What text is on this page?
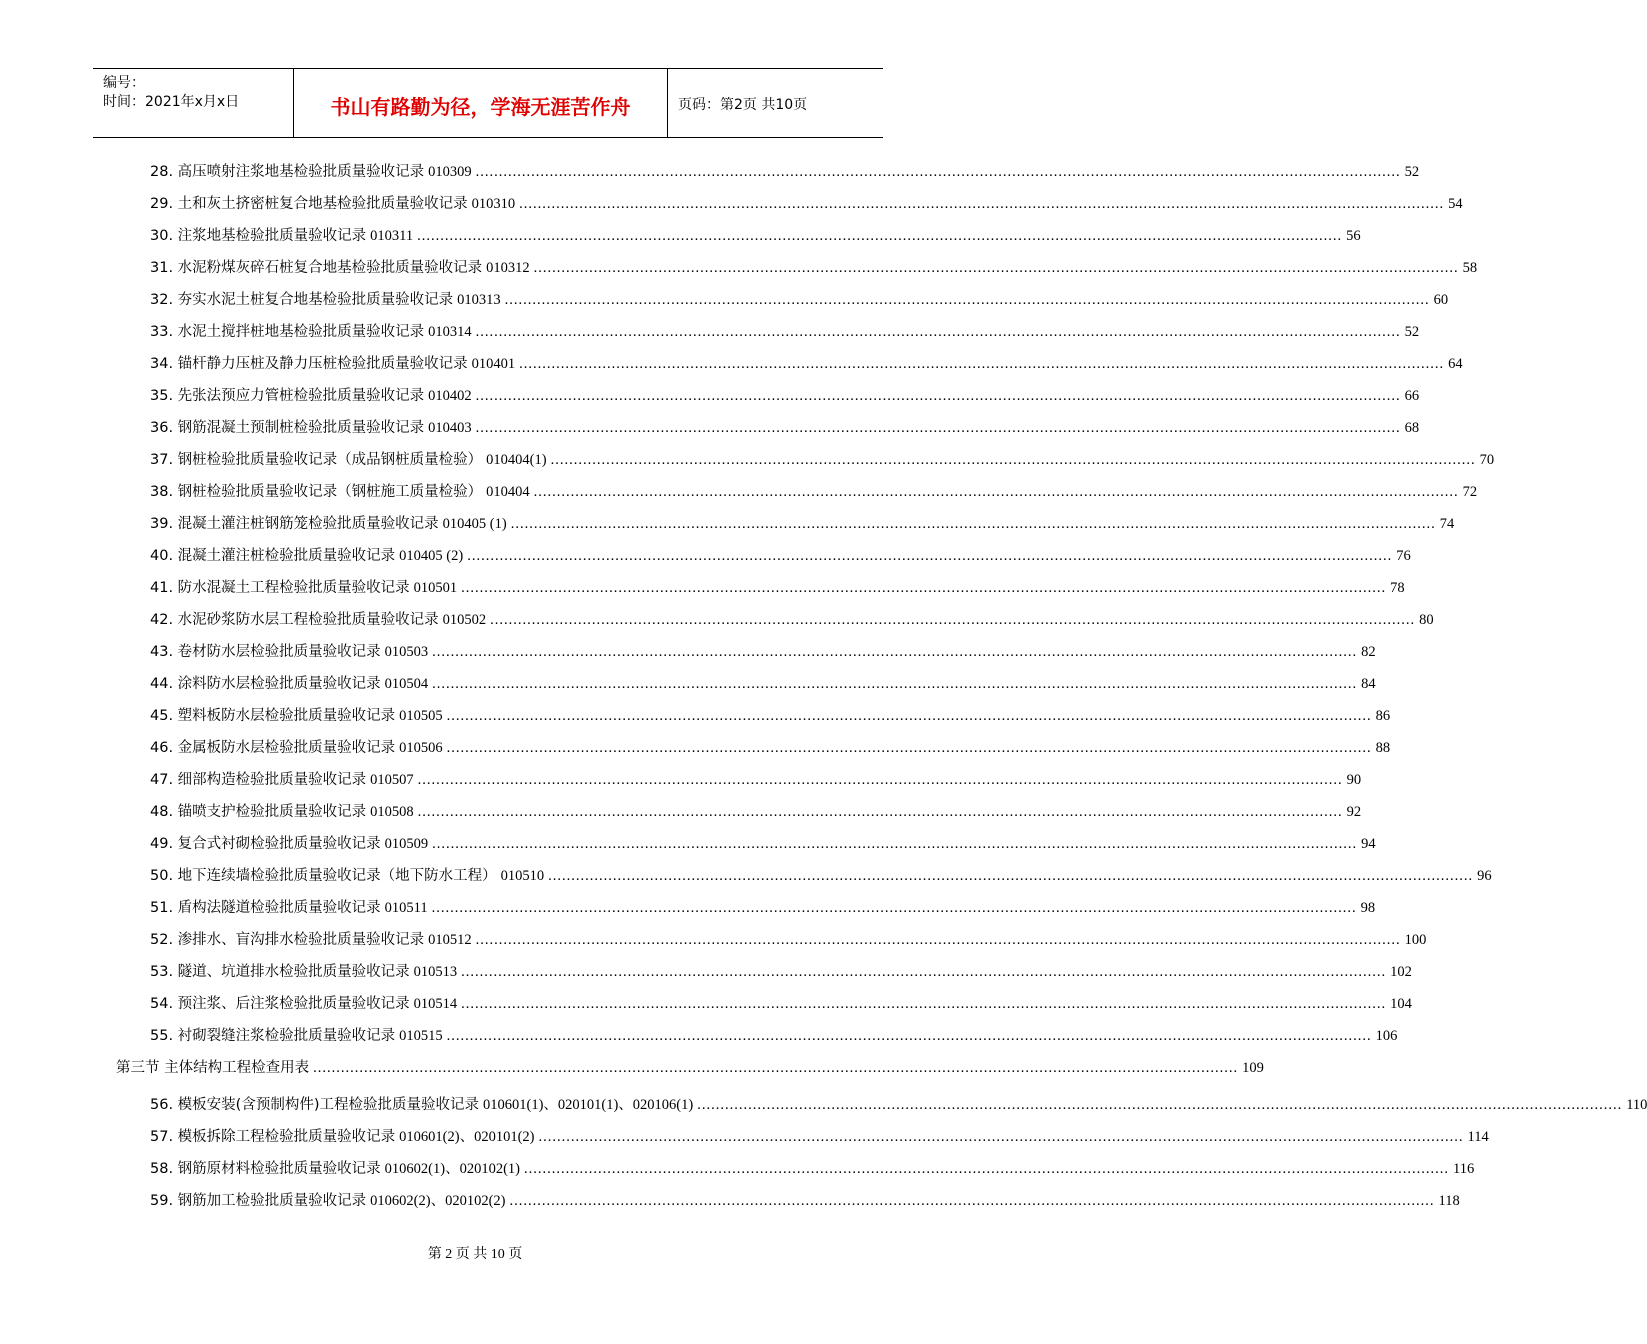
编号：
时间：2021年x月x日	书山有路勤为径，学海无涯苦作舟	页码：第2页 共10页
28. 高压喷射注浆地基检验批质量验收记录 010309 ........................................................................................................................................................................................................ 52
29. 土和灰土挤密桩复合地基检验批质量验收记录 010310 ........................................................................................................................................................................................................ 54
30. 注浆地基检验批质量验收记录 010311 ........................................................................................................................................................................................................ 56
31. 水泥粉煤灰碎石桩复合地基检验批质量验收记录 010312 ........................................................................................................................................................................................................ 58
32. 夯实水泥土桩复合地基检验批质量验收记录 010313 ........................................................................................................................................................................................................ 60
33. 水泥土搅拌桩地基检验批质量验收记录 010314 ........................................................................................................................................................................................................ 52
34. 锚杆静力压桩及静力压桩检验批质量验收记录 010401 ........................................................................................................................................................................................................ 64
35. 先张法预应力管桩检验批质量验收记录 010402 ........................................................................................................................................................................................................ 66
36. 钢筋混凝土预制桩检验批质量验收记录 010403 ........................................................................................................................................................................................................ 68
37. 钢桩检验批质量验收记录（成品钢桩质量检验） 010404(1) ........................................................................................................................................................................................................ 70
38. 钢桩检验批质量验收记录（钢桩施工质量检验） 010404 ........................................................................................................................................................................................................ 72
39. 混凝土灌注桩钢筋笼检验批质量验收记录 010405 (1) ........................................................................................................................................................................................................ 74
40. 混凝土灌注桩检验批质量验收记录 010405 (2) ........................................................................................................................................................................................................ 76
41. 防水混凝土工程检验批质量验收记录 010501 ........................................................................................................................................................................................................ 78
42. 水泥砂浆防水层工程检验批质量验收记录 010502 ........................................................................................................................................................................................................ 80
43. 卷材防水层检验批质量验收记录 010503 ........................................................................................................................................................................................................ 82
44. 涂料防水层检验批质量验收记录 010504 ........................................................................................................................................................................................................ 84
45. 塑料板防水层检验批质量验收记录 010505 ........................................................................................................................................................................................................ 86
46. 金属板防水层检验批质量验收记录 010506 ........................................................................................................................................................................................................ 88
47. 细部构造检验批质量验收记录 010507 ........................................................................................................................................................................................................ 90
48. 锚喷支护检验批质量验收记录 010508 ........................................................................................................................................................................................................ 92
49. 复合式衬砌检验批质量验收记录 010509 ........................................................................................................................................................................................................ 94
50. 地下连续墙检验批质量验收记录（地下防水工程） 010510 ........................................................................................................................................................................................................ 96
51. 盾构法隧道检验批质量验收记录 010511 ........................................................................................................................................................................................................ 98
52. 渗排水、盲沟排水检验批质量验收记录 010512 ........................................................................................................................................................................................................ 100
53. 隧道、坑道排水检验批质量验收记录 010513 ........................................................................................................................................................................................................ 102
54. 预注浆、后注浆检验批质量验收记录 010514 ........................................................................................................................................................................................................ 104
55. 衬砌裂缝注浆检验批质量验收记录 010515 ........................................................................................................................................................................................................ 106
第三节 主体结构工程检查用表 ........................................................................................................................................................................................................ 109
56. 模板安装(含预制构件)工程检验批质量验收记录 010601(1)、020101(1)、020106(1) ........................................................................................................................................................................................................ 110
57. 模板拆除工程检验批质量验收记录 010601(2)、020101(2) ........................................................................................................................................................................................................ 114
58. 钢筋原材料检验批质量验收记录 010602(1)、020102(1) ........................................................................................................................................................................................................ 116
59. 钢筋加工检验批质量验收记录 010602(2)、020102(2) ........................................................................................................................................................................................................ 118
第 2 页 共 10 页
